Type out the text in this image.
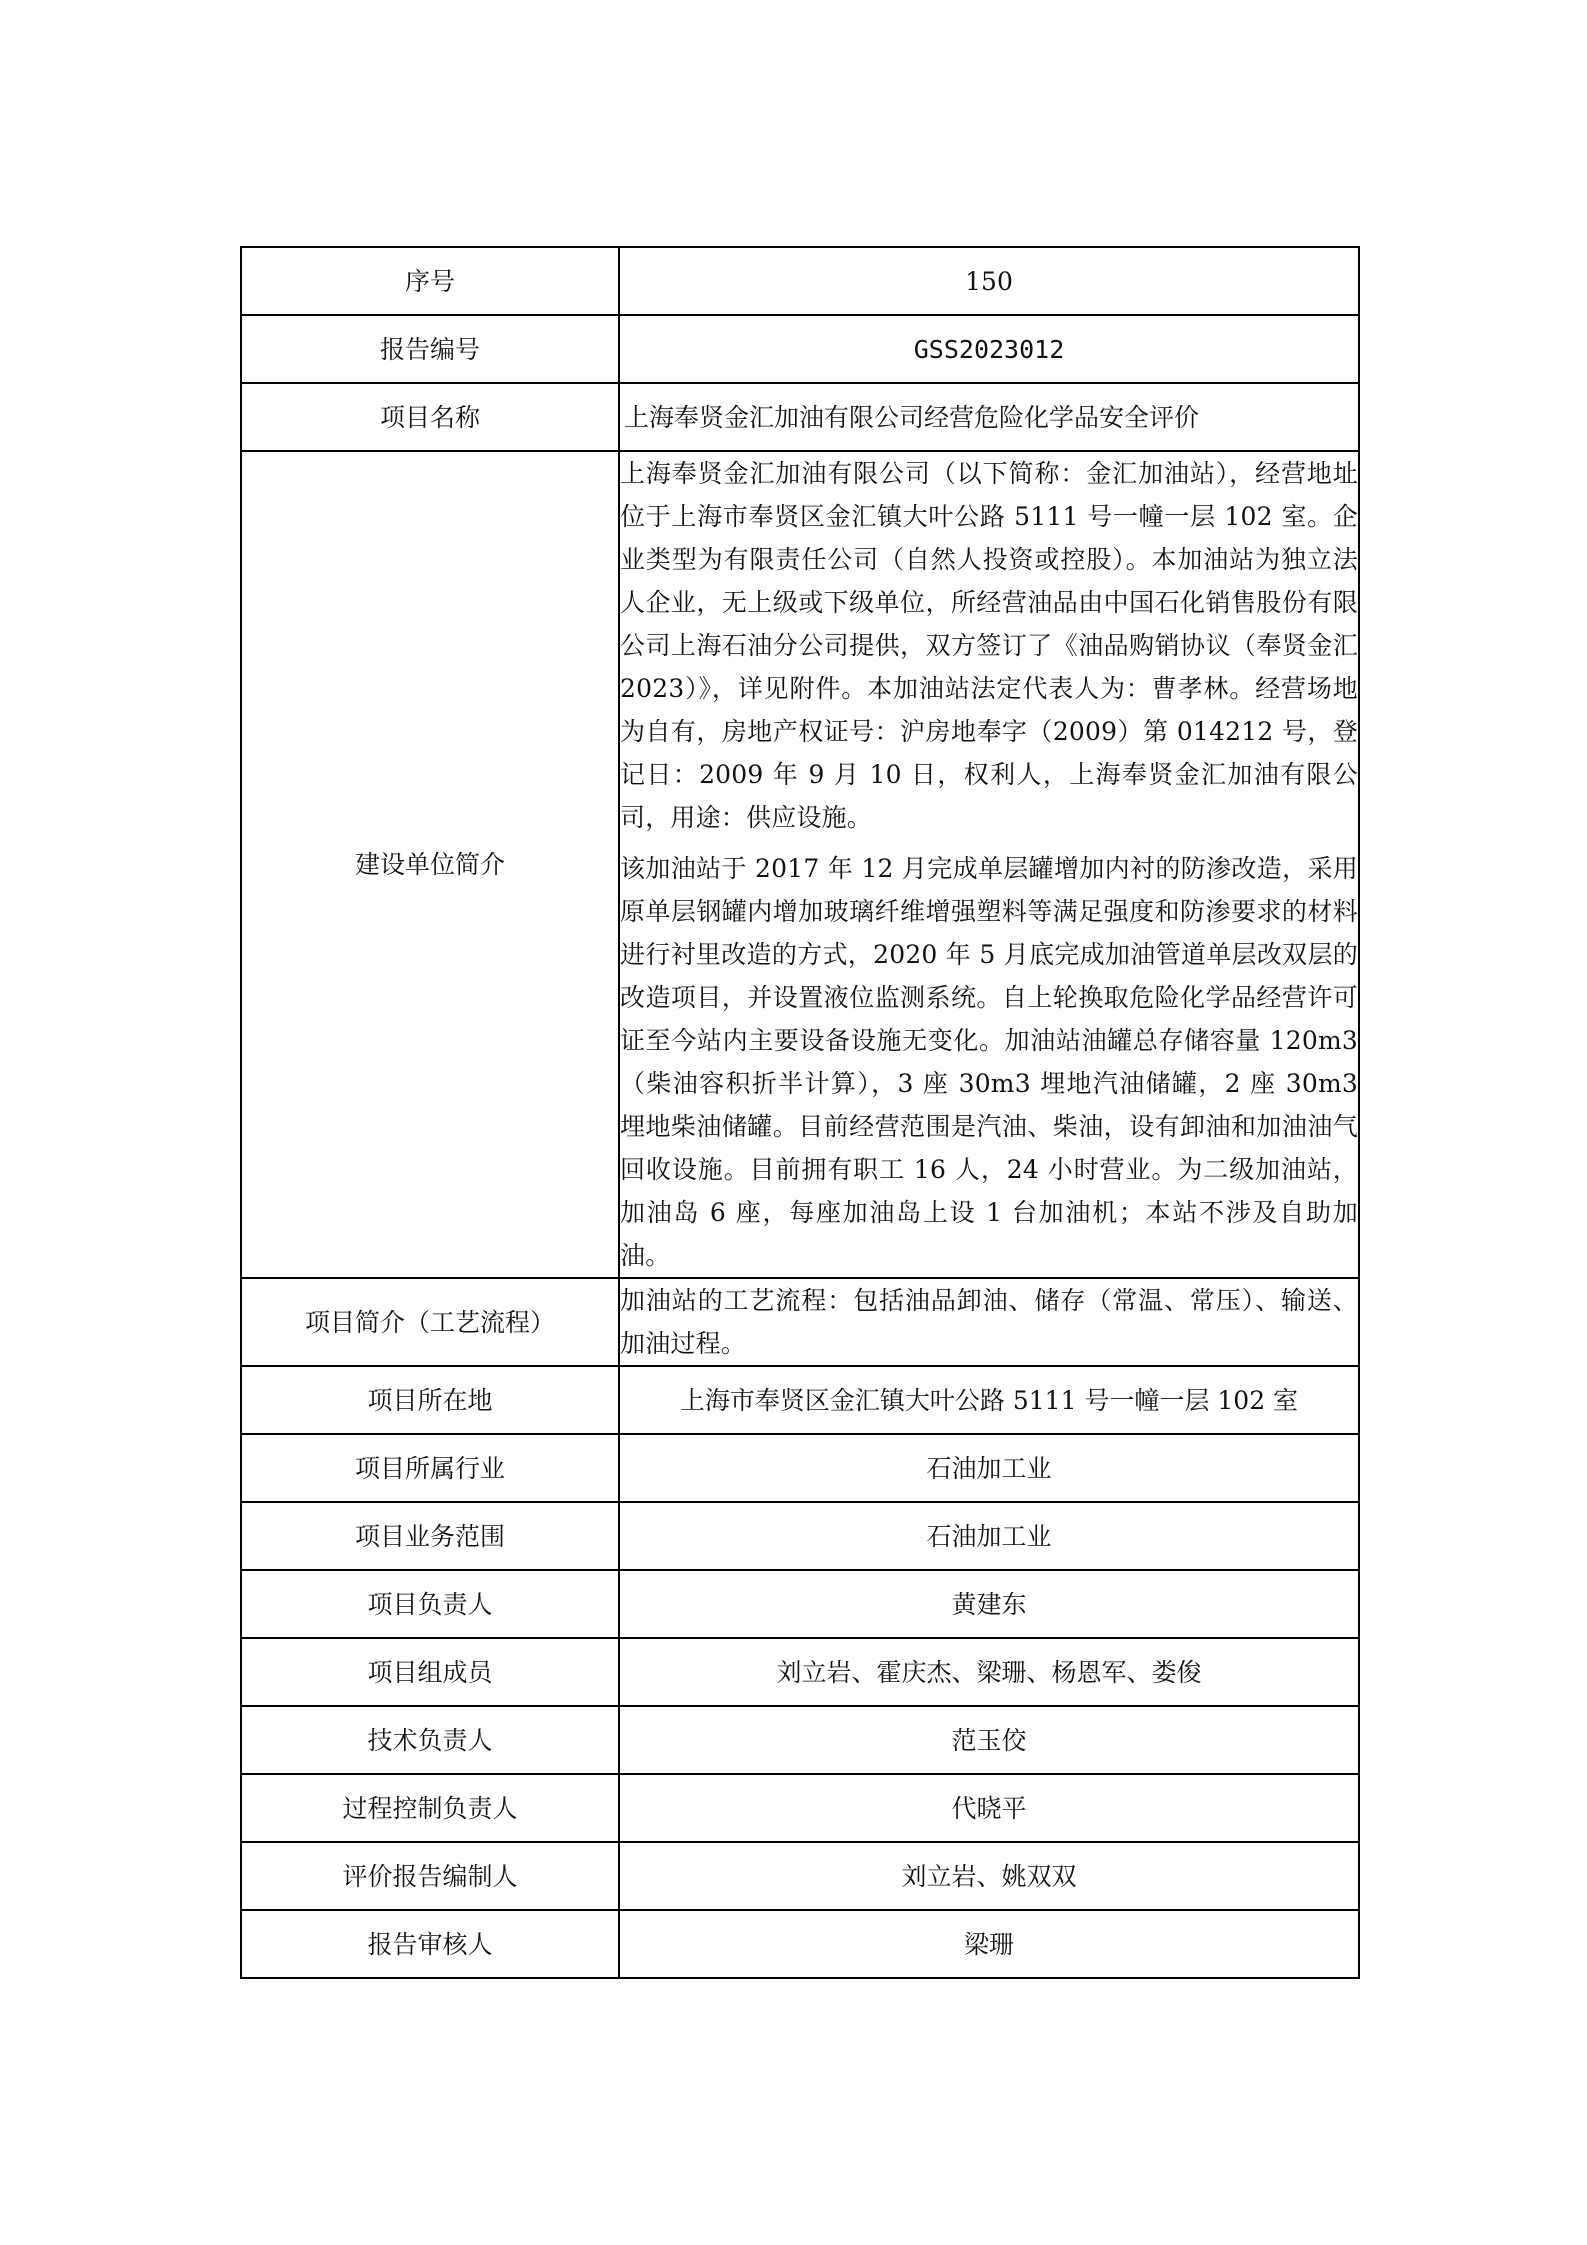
序号	150
报告编号	GSS2023012
项目名称	上海奉贤金汇加油有限公司经营危险化学品安全评价
建设单位简介	上海奉贤金汇加油有限公司（以下简称：金汇加油站），经营地址位于上海市奉贤区金汇镇大叶公路 5111 号一幢一层 102 室。企业类型为有限责任公司（自然人投资或控股）。本加油站为独立法人企业，无上级或下级单位，所经营油品由中国石化销售股份有限公司上海石油分公司提供，双方签订了《油品购销协议（奉贤金汇 2023）》，详见附件。本加油站法定代表人为：曹孝林。经营场地为自有，房地产权证号：沪房地奉字（2009）第 014212 号，登记日：2009 年 9 月 10 日，权利人，上海奉贤金汇加油有限公司，用途：供应设施。

该加油站于 2017 年 12 月完成单层罐增加内衬的防渗改造，采用原单层钢罐内增加玻璃纤维增强塑料等满足强度和防渗要求的材料进行衬里改造的方式，2020 年 5 月底完成加油管道单层改双层的改造项目，并设置液位监测系统。自上轮换取危险化学品经营许可证至今站内主要设备设施无变化。加油站油罐总存储容量 120m3（柴油容积折半计算），3 座 30m3 埋地汽油储罐，2 座 30m3 埋地柴油储罐。目前经营范围是汽油、柴油，设有卸油和加油油气回收设施。目前拥有职工 16 人，24 小时营业。为二级加油站，加油岛 6 座，每座加油岛上设 1 台加油机；本站不涉及自助加油。

项目简介（工艺流程）	加油站的工艺流程：包括油品卸油、储存（常温、常压）、输送、加油过程。

项目所在地	上海市奉贤区金汇镇大叶公路 5111 号一幢一层 102 室
项目所属行业	石油加工业
项目业务范围	石油加工业
项目负责人	黄建东
项目组成员	刘立岩、霍庆杰、梁珊、杨恩军、娄俊
技术负责人	范玉佼
过程控制负责人	代晓平
评价报告编制人	刘立岩、姚双双
报告审核人	梁珊
